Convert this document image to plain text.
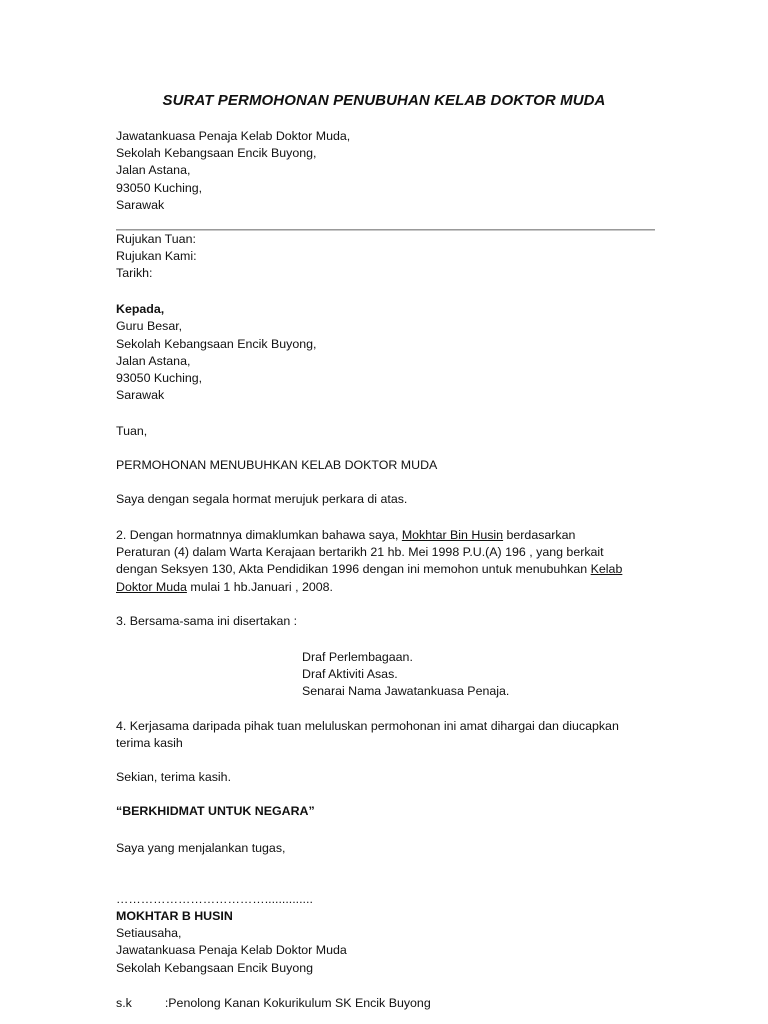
SURAT PERMOHONAN PENUBUHAN KELAB DOKTOR MUDA

Jawatankuasa Penaja Kelab Doktor Muda,

Sekolah Kebangsaan Encik Buyong,

Jalan Astana,

93050 Kuching,

Sarawak

Rujukan Tuan:

Rujukan Kami:

Tarikh:

Kepada,

Guru Besar,

Sekolah Kebangsaan Encik Buyong,

Jalan Astana,

93050 Kuching,

Sarawak

Tuan,

PERMOHONAN MENUBUHKAN KELAB DOKTOR MUDA

Saya dengan segala hormat merujuk perkara di atas.

2. Dengan hormatnnya dimaklumkan bahawa saya, Mokhtar Bin Husin berdasarkan

Peraturan (4) dalam Warta Kerajaan bertarikh 21 hb. Mei 1998 P.U.(A) 196 , yang berkait

dengan Seksyen 130, Akta Pendidikan 1996 dengan ini memohon untuk menubuhkan Kelab

Doktor Muda mulai 1 hb.Januari , 2008.

3. Bersama-sama ini disertakan :

Draf Perlembagaan.

Draf Aktiviti Asas.

Senarai Nama Jawatankuasa Penaja.

4. Kerjasama daripada pihak tuan meluluskan permohonan ini amat dihargai dan diucapkan

terima kasih

Sekian, terima kasih.

“BERKHIDMAT UNTUK NEGARA”

Saya yang menjalankan tugas,

………………………………..............

MOKHTAR B HUSIN

Setiausaha,

Jawatankuasa Penaja Kelab Doktor Muda

Sekolah Kebangsaan Encik Buyong

s.k	:Penolong Kanan Kokurikulum SK Encik Buyong
